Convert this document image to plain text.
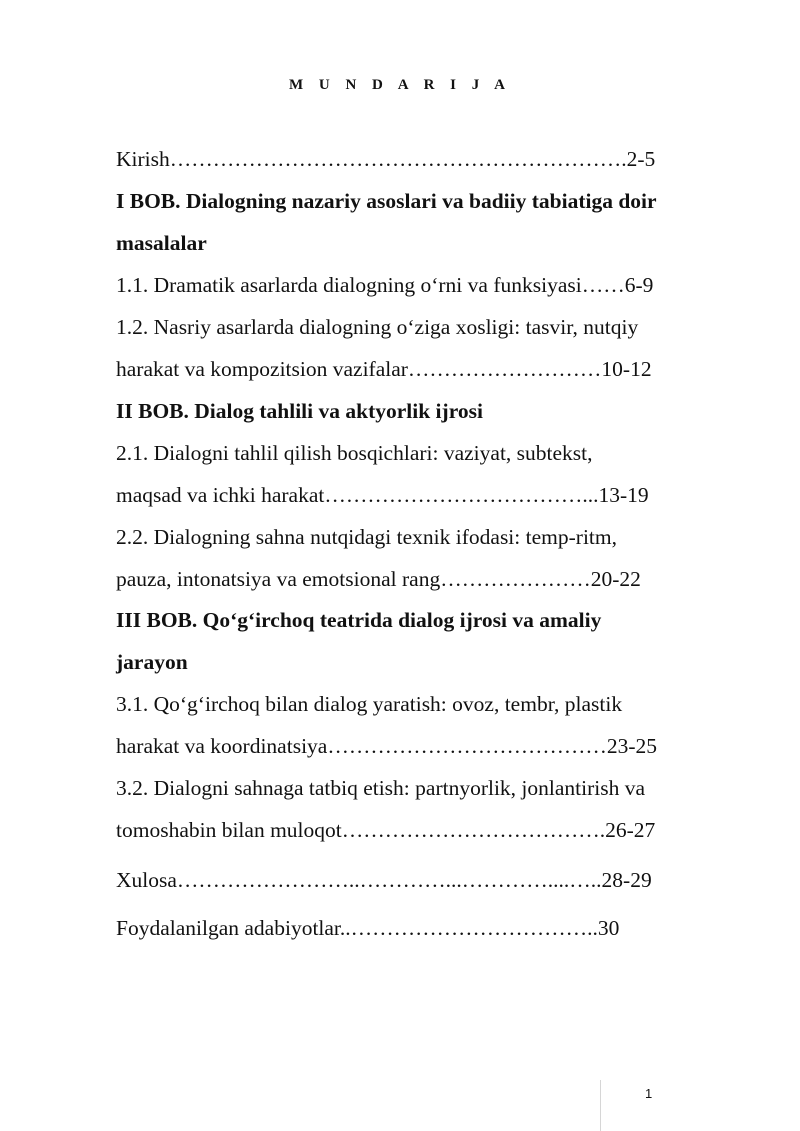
M U N D A R I J A
Kirish……………………………………………………….2-5
I BOB. Dialogning nazariy asoslari va badiiy tabiatiga doir
masalalar
1.1. Dramatik asarlarda dialogning o‘rni va funksiyasi……6-9
1.2. Nasriy asarlarda dialogning o‘ziga xosligi: tasvir, nutqiy
harakat va kompozitsion vazifalar………………………10-12
II BOB. Dialog tahlili va aktyorlik ijrosi
2.1. Dialogni tahlil qilish bosqichlari: vaziyat, subtekst,
maqsad va ichki harakat………………………………...13-19
2.2. Dialogning sahna nutqidagi texnik ifodasi: temp-ritm,
pauza, intonatsiya va emotsional rang…………………20-22
III BOB. Qo‘g‘irchoq teatrida dialog ijrosi va amaliy
jarayon
3.1. Qo‘g‘irchoq bilan dialog yaratish: ovoz, tembr, plastik
harakat va koordinatsiya…………………………………23-25
3.2. Dialogni sahnaga tatbiq etish: partnyorlik, jonlantirish va
tomoshabin bilan muloqot……………………………….26-27
Xulosa……………………..…………...…………....…..28-29
Foydalanilgan adabiyotlar..……………………………..30
1
